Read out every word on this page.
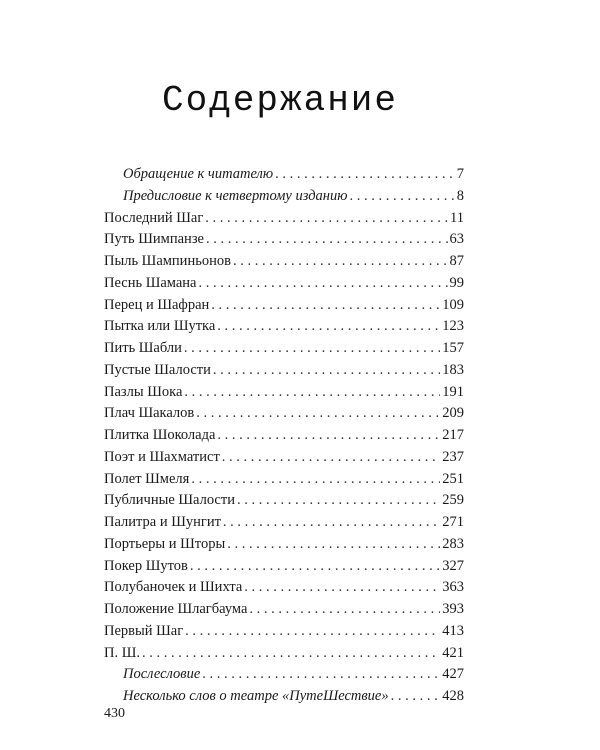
Содержание
Обращение к читателю . . .	7
Предисловие к четвертому изданию . . .	8
Последний Шаг . . .	11
Путь Шимпанзе . . .	63
Пыль Шампиньонов . . .	87
Песнь Шамана . . .	99
Перец и Шафран . . .	109
Пытка или Шутка . . .	123
Пить Шабли . . .	157
Пустые Шалости . . .	183
Пазлы Шока . . .	191
Плач Шакалов . . .	209
Плитка Шоколада . . .	217
Поэт и Шахматист . . .	237
Полет Шмеля . . .	251
Публичные Шалости . . .	259
Палитра и Шунгит . . .	271
Портьеры и Шторы . . .	283
Покер Шутов . . .	327
Полубаночек и Шихта . . .	363
Положение Шлагбаума . . .	393
Первый Шаг . . .	413
П. Ш. . . .	421
Послесловие . . .	427
Несколько слов о театре «ПутеШествие» . . .	428
430
